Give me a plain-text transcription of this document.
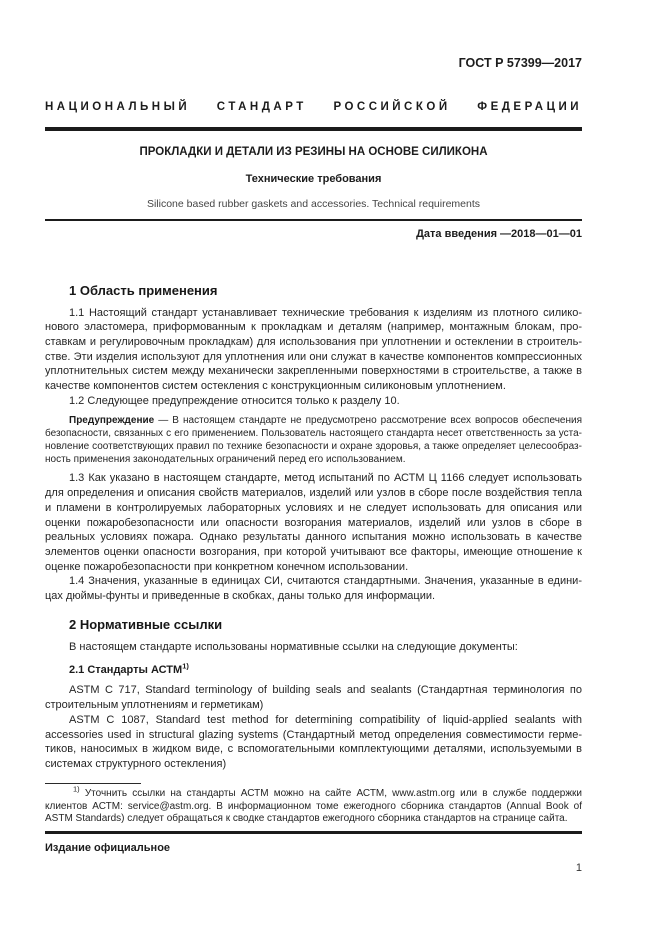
ГОСТ Р 57399—2017
НАЦИОНАЛЬНЫЙ СТАНДАРТ РОССИЙСКОЙ ФЕДЕРАЦИИ
ПРОКЛАДКИ И ДЕТАЛИ ИЗ РЕЗИНЫ НА ОСНОВЕ СИЛИКОНА
Технические требования
Silicone based rubber gaskets and accessories. Technical requirements
Дата введения —2018—01—01
1 Область применения

1.1 Настоящий стандарт устанавливает технические требования к изделиям из плотного силиконового эластомера, приформованным к прокладкам и деталям (например, монтажным блокам, проставкам и регулировочным прокладкам) для использования при уплотнении и остеклении в строительстве. Эти изделия используют для уплотнения или они служат в качестве компонентов компрессионных уплотнительных систем между механически закрепленными поверхностями в строительстве, а также в качестве компонентов систем остекления с конструкционным силиконовым уплотнением.

1.2 Следующее предупреждение относится только к разделу 10.

Предупреждение — В настоящем стандарте не предусмотрено рассмотрение всех вопросов обеспечения безопасности, связанных с его применением. Пользователь настоящего стандарта несет ответственность за установление соответствующих правил по технике безопасности и охране здоровья, а также определяет целесообразность применения законодательных ограничений перед его использованием.

1.3 Как указано в настоящем стандарте, метод испытаний по АСТМ Ц 1166 следует использовать для определения и описания свойств материалов, изделий или узлов в сборе после воздействия тепла и пламени в контролируемых лабораторных условиях и не следует использовать для описания или оценки пожаробезопасности или опасности возгорания материалов, изделий или узлов в сборе в реальных условиях пожара. Однако результаты данного испытания можно использовать в качестве элементов оценки опасности возгорания, при которой учитывают все факторы, имеющие отношение к оценке пожаробезопасности при конкретном конечном использовании.

1.4 Значения, указанные в единицах СИ, считаются стандартными. Значения, указанные в единицах дюймы-фунты и приведенные в скобках, даны только для информации.

2 Нормативные ссылки

В настоящем стандарте использованы нормативные ссылки на следующие документы:

2.1 Стандарты АСТМ$^{1)}$

ASTM C 717, Standard terminology of building seals and sealants (Стандартная терминология по строительным уплотнениям и герметикам)

ASTM C 1087, Standard test method for determining compatibility of liquid-applied sealants with accessories used in structural glazing systems (Стандартный метод определения совместимости герметиков, наносимых в жидком виде, с вспомогательными комплектующими деталями, используемыми в системах структурного остекления)

$^{1)}$ Уточнить ссылки на стандарты АСТМ можно на сайте АСТМ, www.astm.org или в службе поддержки клиентов АСТМ: service@astm.org. В информационном томе ежегодного сборника стандартов (Annual Book of ASTM Standards) следует обращаться к сводке стандартов ежегодного сборника стандартов на странице сайта.

Издание официальное
1
